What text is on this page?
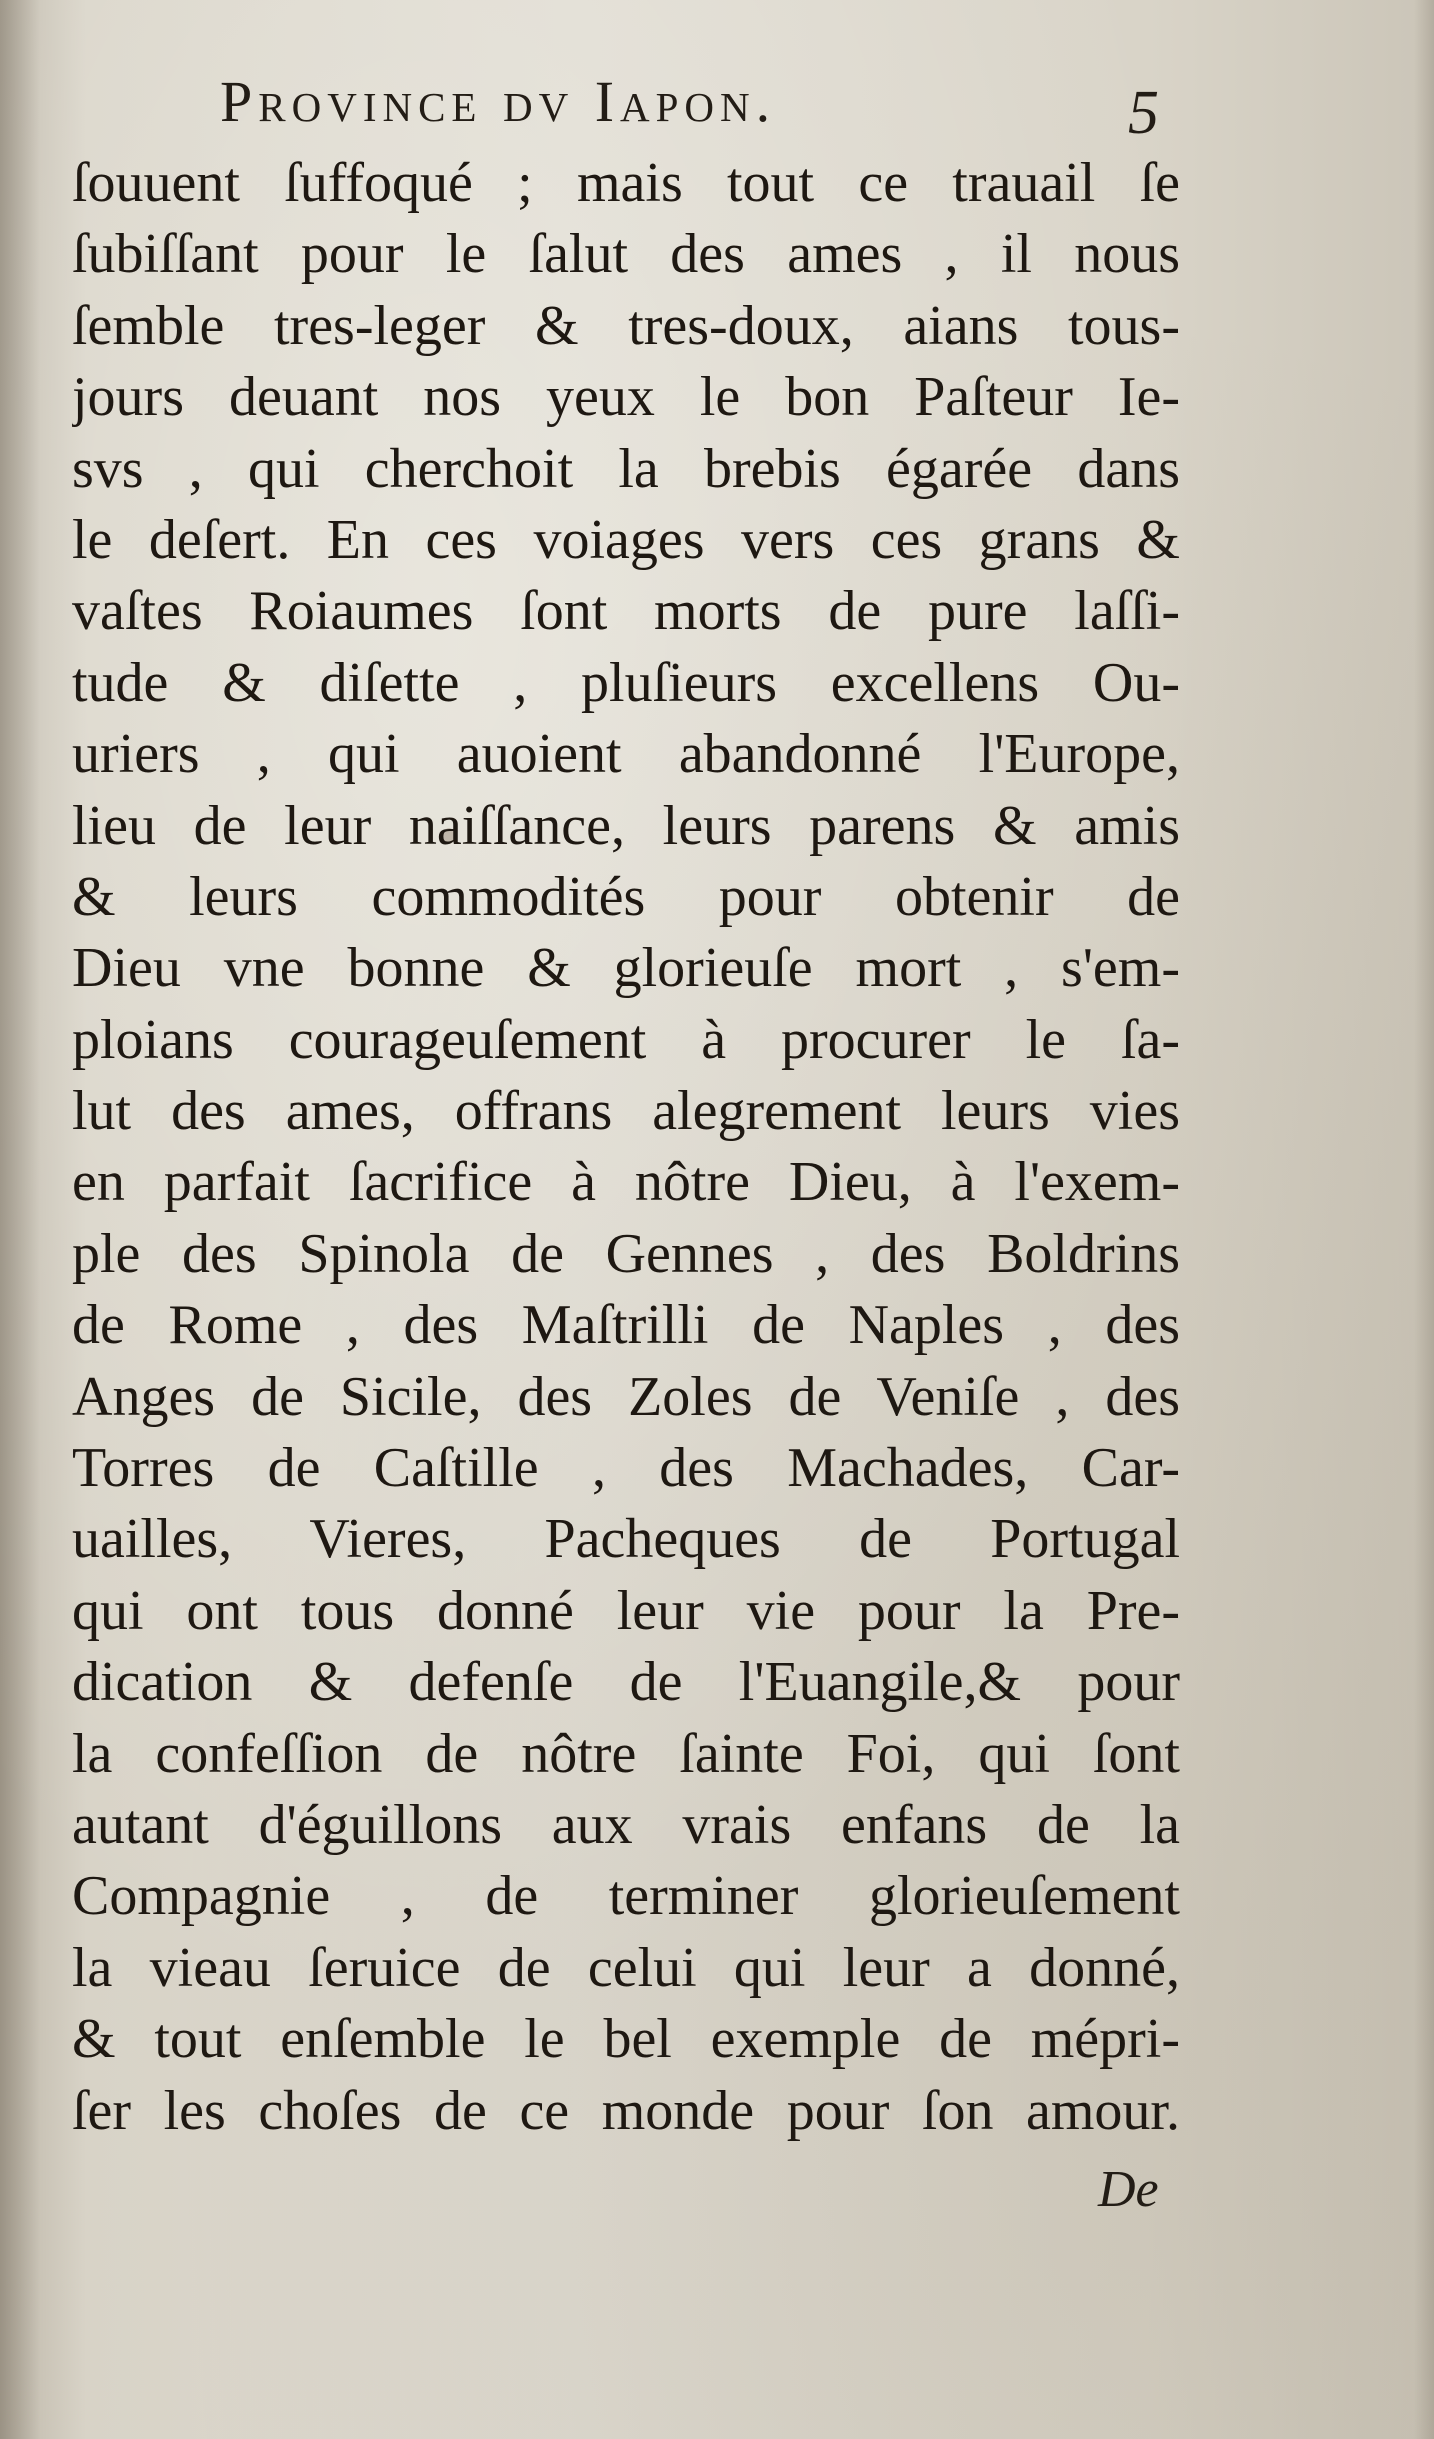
Province dv Iapon.	5
ſouuent ſuffoqué ; mais tout ce trauail ſe
ſubiſſant pour le ſalut des ames , il nous
ſemble tres-leger & tres-doux, aians tous-
jours deuant nos yeux le bon Paſteur Ie-
svs , qui cherchoit la brebis égarée dans
le deſert. En ces voiages vers ces grans &
vaſtes Roiaumes ſont morts de pure laſſi-
tude & diſette , pluſieurs excellens Ou-
uriers , qui auoient abandonné l'Europe,
lieu de leur naiſſance, leurs parens & amis
& leurs commodités pour obtenir de
Dieu vne bonne & glorieuſe mort , s'em-
ploians courageuſement à procurer le ſa-
lut des ames, offrans alegrement leurs vies
en parfait ſacrifice à nôtre Dieu, à l'exem-
ple des Spinola de Gennes , des Boldrins
de Rome , des Maſtrilli de Naples , des
Anges de Sicile, des Zoles de Veniſe , des
Torres de Caſtille , des Machades, Car-
uailles, Vieres, Pacheques de Portugal
qui ont tous donné leur vie pour la Pre-
dication & defenſe de l'Euangile,& pour
la confeſſion de nôtre ſainte Foi, qui ſont
autant d'éguillons aux vrais enfans de la
Compagnie , de terminer glorieuſement
la vieau ſeruice de celui qui leur a donné,
& tout enſemble le bel exemple de mépri-
ſer les choſes de ce monde pour ſon amour.
De
